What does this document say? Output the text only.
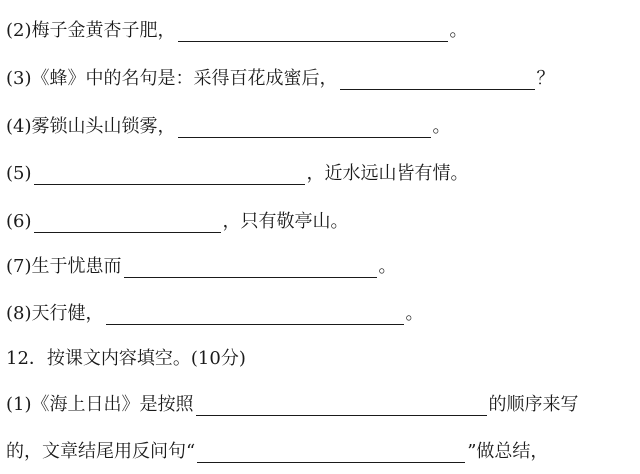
(2)梅子金黄杏子肥，	。
(3)《蜂》中的名句是：采得百花成蜜后，	？
(4)雾锁山头山锁雾，	。
(5)	，近水远山皆有情。
(6)	，只有敬亭山。
(7)生于忧患而	。
(8)天行健，	。
12．按课文内容填空。(10分)
(1)《海上日出》是按照	的顺序来写
的，文章结尾用反问句“	”做总结，
